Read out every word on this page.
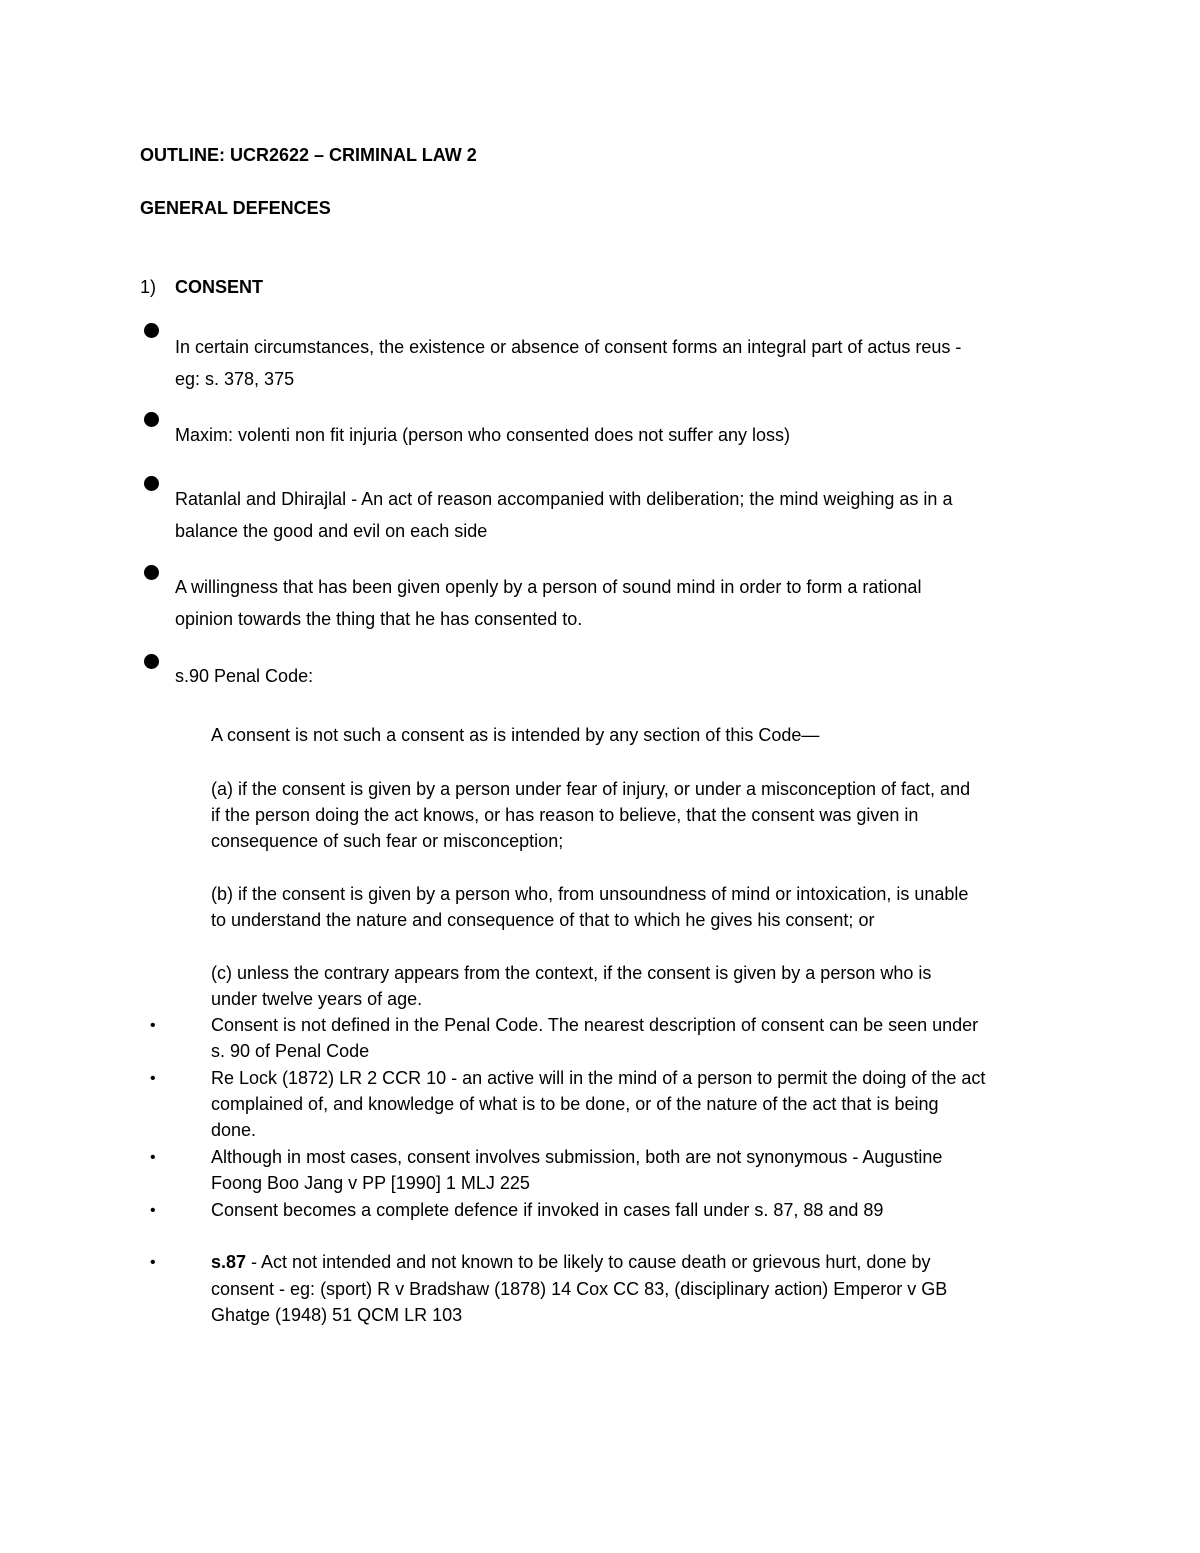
OUTLINE: UCR2622 – CRIMINAL LAW 2
GENERAL DEFENCES
1) CONSENT
In certain circumstances, the existence or absence of consent forms an integral part of actus reus -
eg: s. 378, 375
Maxim: volenti non fit injuria (person who consented does not suffer any loss)
Ratanlal and Dhirajlal - An act of reason accompanied with deliberation; the mind weighing as in a
balance the good and evil on each side
A willingness that has been given openly by a person of sound mind in order to form a rational
opinion towards the thing that he has consented to.
s.90 Penal Code:
A consent is not such a consent as is intended by any section of this Code—
(a) if the consent is given by a person under fear of injury, or under a misconception of fact, and
if the person doing the act knows, or has reason to believe, that the consent was given in
consequence of such fear or misconception;
(b) if the consent is given by a person who, from unsoundness of mind or intoxication, is unable
to understand the nature and consequence of that to which he gives his consent; or
(c) unless the contrary appears from the context, if the consent is given by a person who is
under twelve years of age.
•	Consent is not defined in the Penal Code. The nearest description of consent can be seen under
s. 90 of Penal Code
•	Re Lock (1872) LR 2 CCR 10 - an active will in the mind of a person to permit the doing of the act
complained of, and knowledge of what is to be done, or of the nature of the act that is being
done.
•	Although in most cases, consent involves submission, both are not synonymous - Augustine
Foong Boo Jang v PP [1990] 1 MLJ 225
•	Consent becomes a complete defence if invoked in cases fall under s. 87, 88 and 89
•	s.87 - Act not intended and not known to be likely to cause death or grievous hurt, done by
consent - eg: (sport) R v Bradshaw (1878) 14 Cox CC 83, (disciplinary action) Emperor v GB
Ghatge (1948) 51 QCM LR 103
